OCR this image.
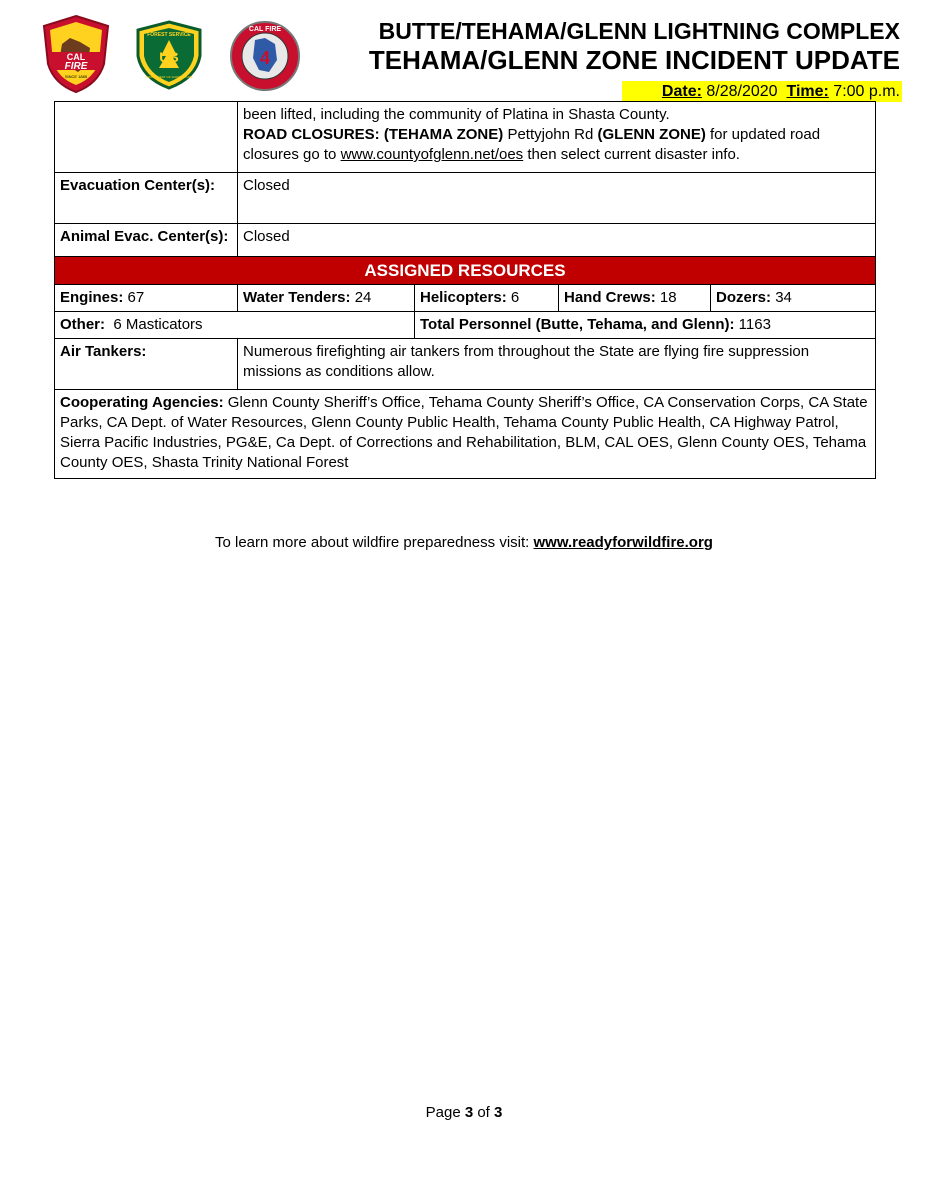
CAL
FIRE
SINCE 1885
FOREST SERVICE
US
DEPARTMENT OF AGRICULTURE
4
CAL FIRE	BUTTE/TEHAMA/GLENN LIGHTNING COMPLEX
TEHAMA/GLENN ZONE INCIDENT UPDATE
Date: 8/28/2020 Time: 7:00 p.m.
	been lifted, including the community of Platina in Shasta County.
ROAD CLOSURES: (TEHAMA ZONE) Pettyjohn Rd (GLENN ZONE) for updated road closures go to www.countyofglenn.net/oes then select current disaster info.			
Evacuation Center(s):	Closed			
Animal Evac. Center(s):	Closed			
ASSIGNED RESOURCES				
Engines: 67	Water Tenders: 24	Helicopters: 6	Hand Crews: 18	Dozers: 34
Other: 6 Masticators		Total Personnel (Butte, Tehama, and Glenn): 1163		
Air Tankers:	Numerous firefighting air tankers from throughout the State are flying fire suppression missions as conditions allow.			
Cooperating Agencies: Glenn County Sheriff’s Office, Tehama County Sheriff’s Office, CA Conservation Corps, CA State Parks, CA Dept. of Water Resources, Glenn County Public Health, Tehama County Public Health, CA Highway Patrol, Sierra Pacific Industries, PG&E, Ca Dept. of Corrections and Rehabilitation, BLM, CAL OES, Glenn County OES, Tehama County OES, Shasta Trinity National Forest				
To learn more about wildfire preparedness visit: www.readyforwildfire.org
Page 3 of 3
